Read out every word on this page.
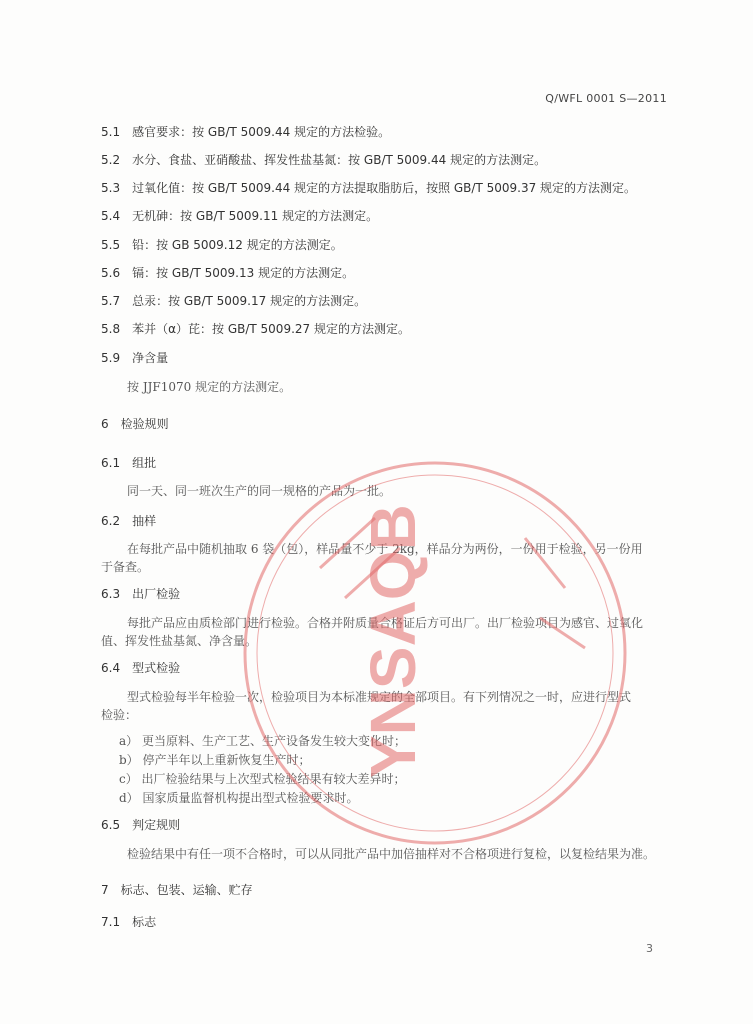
Q/WFL 0001 S—2011
5.1 感官要求：按 GB/T 5009.44 规定的方法检验。
5.2 水分、食盐、亚硝酸盐、挥发性盐基氮：按 GB/T 5009.44 规定的方法测定。
5.3 过氧化值：按 GB/T 5009.44 规定的方法提取脂肪后，按照 GB/T 5009.37 规定的方法测定。
5.4 无机砷：按 GB/T 5009.11 规定的方法测定。
5.5 铅：按 GB 5009.12 规定的方法测定。
5.6 镉：按 GB/T 5009.13 规定的方法测定。
5.7 总汞：按 GB/T 5009.17 规定的方法测定。
5.8 苯并（α）芘：按 GB/T 5009.27 规定的方法测定。
5.9 净含量
按 JJF1070 规定的方法测定。
6 检验规则
6.1 组批
同一天、同一班次生产的同一规格的产品为一批。
6.2 抽样
在每批产品中随机抽取 6 袋（包），样品量不少于 2kg，样品分为两份，一份用于检验，另一份用
于备查。
6.3 出厂检验
每批产品应由质检部门进行检验。合格并附质量合格证后方可出厂。出厂检验项目为感官、过氧化
值、挥发性盐基氮、净含量。
6.4 型式检验
型式检验每半年检验一次，检验项目为本标准规定的全部项目。有下列情况之一时，应进行型式
检验：
a） 更当原料、生产工艺、生产设备发生较大变化时；
b） 停产半年以上重新恢复生产时；
c） 出厂检验结果与上次型式检验结果有较大差异时；
d） 国家质量监督机构提出型式检验要求时。
6.5 判定规则
检验结果中有任一项不合格时，可以从同批产品中加倍抽样对不合格项进行复检，以复检结果为准。
7 标志、包装、运输、贮存
7.1 标志
3
YNSAQB
